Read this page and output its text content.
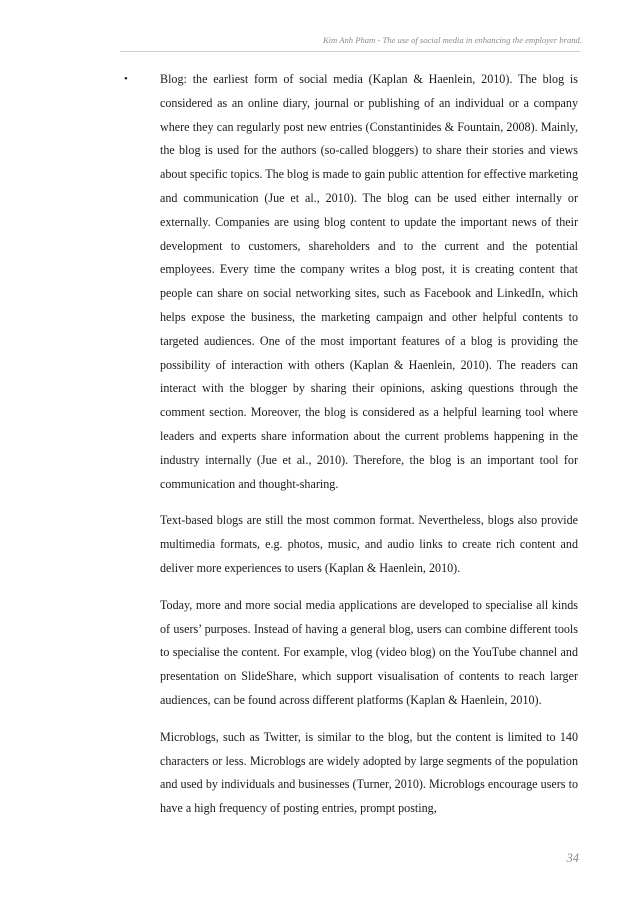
Kim Anh Pham - The use of social media in enhancing the employer brand.

•	Blog: the earliest form of social media (Kaplan & Haenlein, 2010). The blog is considered as an online diary, journal or publishing of an individual or a company where they can regularly post new entries (Constantinides & Fountain, 2008). Mainly, the blog is used for the authors (so-called bloggers) to share their stories and views about specific topics. The blog is made to gain public attention for effective marketing and communication (Jue et al., 2010). The blog can be used either internally or externally. Companies are using blog content to update the important news of their development to customers, shareholders and to the current and the potential employees. Every time the company writes a blog post, it is creating content that people can share on social networking sites, such as Facebook and LinkedIn, which helps expose the business, the marketing campaign and other helpful contents to targeted audiences. One of the most important features of a blog is providing the possibility of interaction with others (Kaplan & Haenlein, 2010). The readers can interact with the blogger by sharing their opinions, asking questions through the comment section. Moreover, the blog is considered as a helpful learning tool where leaders and experts share information about the current problems happening in the industry internally (Jue et al., 2010). Therefore, the blog is an important tool for communication and thought-sharing.

Text-based blogs are still the most common format. Nevertheless, blogs also provide multimedia formats, e.g. photos, music, and audio links to create rich content and deliver more experiences to users (Kaplan & Haenlein, 2010).

Today, more and more social media applications are developed to specialise all kinds of users’ purposes. Instead of having a general blog, users can combine different tools to specialise the content. For example, vlog (video blog) on the YouTube channel and presentation on SlideShare, which support visualisation of contents to reach larger audiences, can be found across different platforms (Kaplan & Haenlein, 2010).

Microblogs, such as Twitter, is similar to the blog, but the content is limited to 140 characters or less. Microblogs are widely adopted by large segments of the population and used by individuals and businesses (Turner, 2010). Microblogs encourage users to have a high frequency of posting entries, prompt posting,

34
